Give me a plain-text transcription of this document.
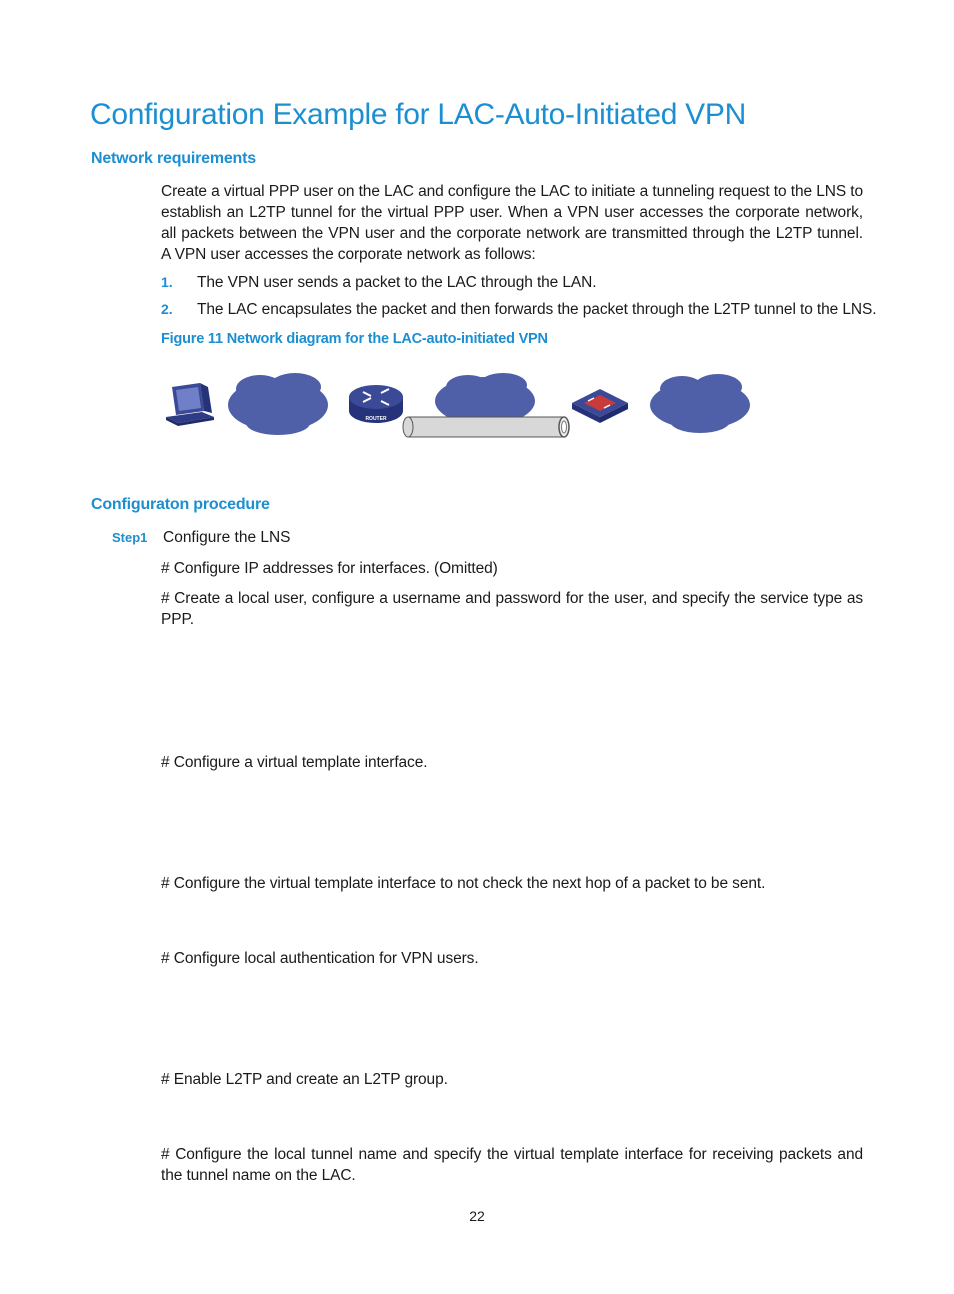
Configuration Example for LAC-Auto-Initiated VPN
Network requirements

Create a virtual PPP user on the LAC and configure the LAC to initiate a tunneling request to the LNS to establish an L2TP tunnel for the virtual PPP user. When a VPN user accesses the corporate network, all packets between the VPN user and the corporate network are transmitted through the L2TP tunnel. A VPN user accesses the corporate network as follows:

1. The VPN user sends a packet to the LAC through the LAN.
2. The LAC encapsulates the packet and then forwards the packet through the L2TP tunnel to the LNS.

Figure 11 Network diagram for the LAC-auto-initiated VPN

ROUTER
Configuraton procedure
Step1 Configure the LNS

# Configure IP addresses for interfaces. (Omitted)

# Create a local user, configure a username and password for the user, and specify the service type as PPP.

# Configure a virtual template interface.

# Configure the virtual template interface to not check the next hop of a packet to be sent.

# Configure local authentication for VPN users.

# Enable L2TP and create an L2TP group.

# Configure the local tunnel name and specify the virtual template interface for receiving packets and the tunnel name on the LAC.

22
